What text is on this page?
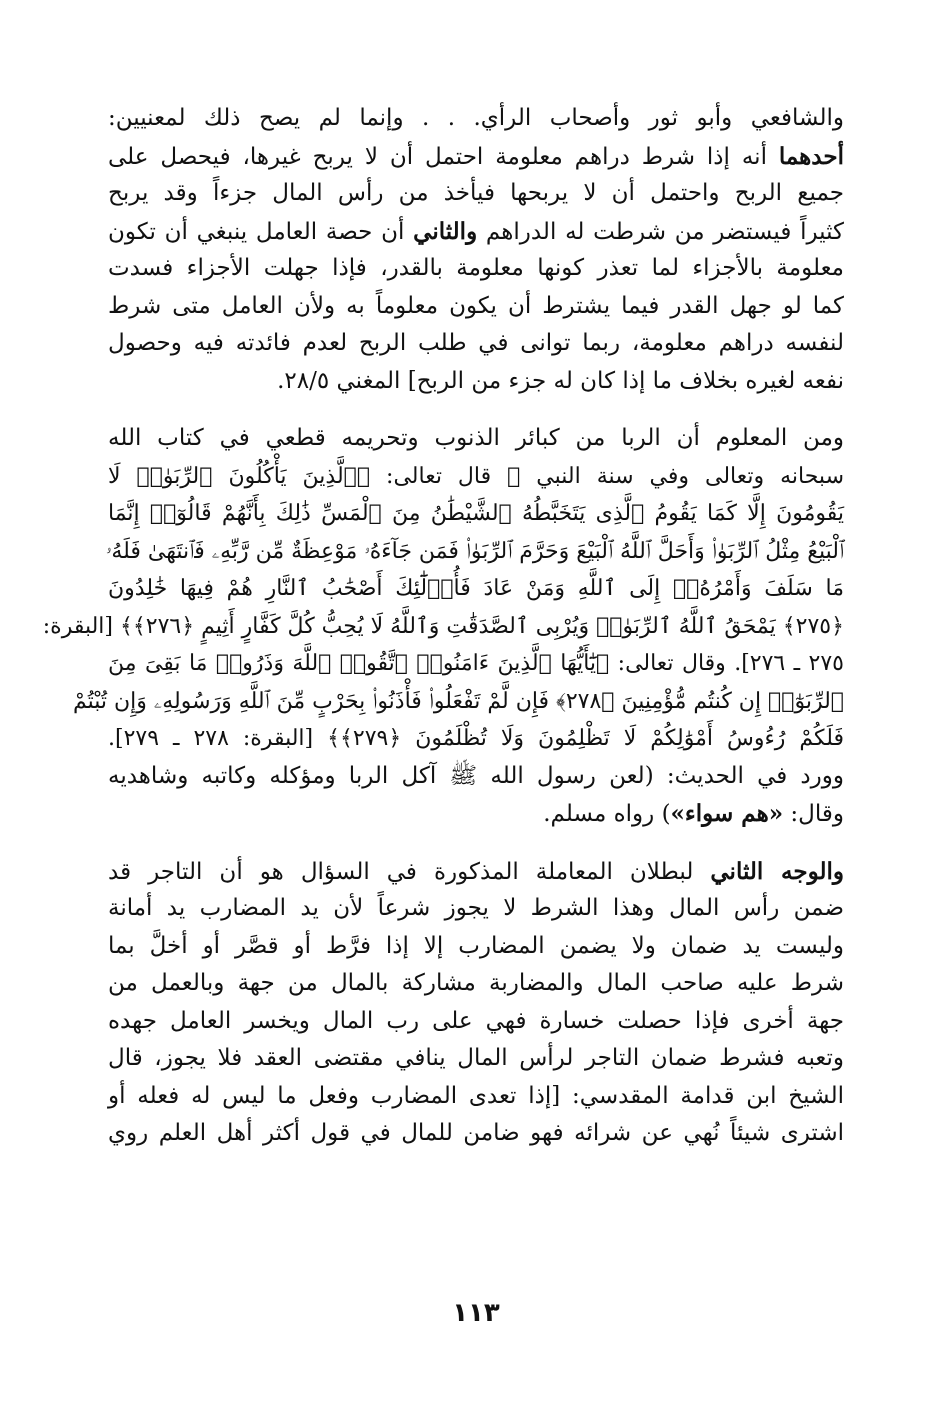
والشافعي وأبو ثور وأصحاب الرأي. . . وإنما لم يصح ذلك لمعنيين:
أحدهما أنه إذا شرط دراهم معلومة احتمل أن لا يربح غيرها، فيحصل على
جميع الربح واحتمل أن لا يربحها فيأخذ من رأس المال جزءاً وقد يربح
كثيراً فيستضر من شرطت له الدراهم والثاني أن حصة العامل ينبغي أن تكون
معلومة بالأجزاء لما تعذر كونها معلومة بالقدر، فإذا جهلت الأجزاء فسدت
كما لو جهل القدر فيما يشترط أن يكون معلوماً به ولأن العامل متى شرط
لنفسه دراهم معلومة، ربما توانى في طلب الربح لعدم فائدته فيه وحصول
نفعه لغيره بخلاف ما إذا كان له جزء من الربح] المغني ٢٨/٥.
ومن المعلوم أن الربا من كبائر الذنوب وتحريمه قطعي في كتاب الله
سبحانه وتعالى وفي سنة النبي ﷺ قال تعالى: ﴿ٱلَّذِينَ يَأْكُلُونَ ٱلرِّبَوٰا۟ لَا
يَقُومُونَ إِلَّا كَمَا يَقُومُ ٱلَّذِى يَتَخَبَّطُهُ ٱلشَّيْطَٰنُ مِنَ ٱلْمَسِّ ذَٰلِكَ بِأَنَّهُمْ قَالُوٓا۟ إِنَّمَا
ٱلْبَيْعُ مِثْلُ ٱلرِّبَوٰا۟ وَأَحَلَّ ٱللَّهُ ٱلْبَيْعَ وَحَرَّمَ ٱلرِّبَوٰا۟ فَمَن جَآءَهُۥ مَوْعِظَةٌ مِّن رَّبِّهِۦ فَٱنتَهَىٰ فَلَهُۥ
مَا سَلَفَ وَأَمْرُهُۥٓ إِلَى ٱللَّهِ وَمَنْ عَادَ فَأُو۟لَٰٓئِكَ أَصْحَٰبُ ٱلنَّارِ هُمْ فِيهَا خَٰلِدُونَ
﴿٢٧٥﴾ يَمْحَقُ ٱللَّهُ ٱلرِّبَوٰا۟ وَيُرْبِى ٱلصَّدَقَٰتِ وَٱللَّهُ لَا يُحِبُّ كُلَّ كَفَّارٍ أَثِيمٍ ﴿٢٧٦﴾﴾ [البقرة:
٢٧٥ ـ ٢٧٦]. وقال تعالى: ﴿يَٰٓأَيُّهَا ٱلَّذِينَ ءَامَنُوا۟ ٱتَّقُوا۟ ٱللَّهَ وَذَرُوا۟ مَا بَقِىَ مِنَ
ٱلرِّبَوٰٓا۟ إِن كُنتُم مُّؤْمِنِينَ ﴿٢٧٨﴾ فَإِن لَّمْ تَفْعَلُوا۟ فَأْذَنُوا۟ بِحَرْبٍ مِّنَ ٱللَّهِ وَرَسُولِهِۦ وَإِن تُبْتُمْ
فَلَكُمْ رُءُوسُ أَمْوَٰلِكُمْ لَا تَظْلِمُونَ وَلَا تُظْلَمُونَ ﴿٢٧٩﴾﴾ [البقرة: ٢٧٨ ـ ٢٧٩].
وورد في الحديث: (لعن رسول الله ﷺ آكل الربا ومؤكله وكاتبه وشاهديه
وقال: «هم سواء») رواه مسلم.
والوجه الثاني لبطلان المعاملة المذكورة في السؤال هو أن التاجر قد
ضمن رأس المال وهذا الشرط لا يجوز شرعاً لأن يد المضارب يد أمانة
وليست يد ضمان ولا يضمن المضارب إلا إذا فرَّط أو قصَّر أو أخلَّ بما
شرط عليه صاحب المال والمضاربة مشاركة بالمال من جهة وبالعمل من
جهة أخرى فإذا حصلت خسارة فهي على رب المال ويخسر العامل جهده
وتعبه فشرط ضمان التاجر لرأس المال ينافي مقتضى العقد فلا يجوز، قال
الشيخ ابن قدامة المقدسي: [إذا تعدى المضارب وفعل ما ليس له فعله أو
اشترى شيئاً نُهي عن شرائه فهو ضامن للمال في قول أكثر أهل العلم روي
١١٣
